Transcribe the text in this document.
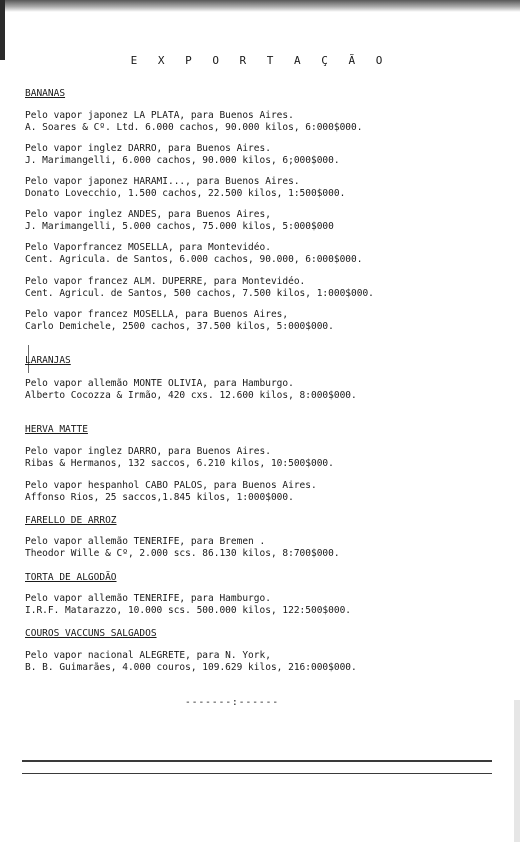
E X P O R T A Ç Ã O
BANANAS
Pelo vapor japonez LA PLATA, para Buenos Aires.
A. Soares & Cº. Ltd. 6.000 cachos, 90.000 kilos, 6:000$000.
Pelo vapor inglez DARRO, para Buenos Aires.
J. Marimangelli, 6.000 cachos, 90.000 kilos, 6;000$000.
Pelo vapor japonez HARAMI..., para Buenos Aires.
Donato Lovecchio, 1.500 cachos, 22.500 kilos, 1:500$000.
Pelo vapor inglez ANDES, para Buenos Aires,
J. Marimangelli, 5.000 cachos, 75.000 kilos, 5:000$000
Pelo Vaporfrancez MOSELLA, para Montevidéo.
Cent. Agricula. de Santos, 6.000 cachos, 90.000, 6:000$000.
Pelo vapor francez ALM. DUPERRE, para Montevidéo.
Cent. Agricul. de Santos, 500 cachos, 7.500 kilos, 1:000$000.
Pelo vapor francez MOSELLA, para Buenos Aires,
Carlo Demichele, 2500 cachos, 37.500 kilos, 5:000$000.
LARANJAS
Pelo vapor allemão MONTE OLIVIA, para Hamburgo.
Alberto Cocozza & Irmão, 420 cxs. 12.600 kilos, 8:000$000.
HERVA MATTE
Pelo vapor inglez DARRO, para Buenos Aires.
Ribas & Hermanos, 132 saccos, 6.210 kilos, 10:500$000.
Pelo vapor hespanhol CABO PALOS, para Buenos Aires.
Affonso Rios, 25 saccos,1.845 kilos, 1:000$000.
FARELLO DE ARROZ
Pelo vapor allemão TENERIFE, para Bremen .
Theodor Wille & Cº, 2.000 scs. 86.130 kilos, 8:700$000.
TORTA DE ALGODÃO
Pelo vapor allemão TENERIFE, para Hamburgo.
I.R.F. Matarazzo, 10.000 scs. 500.000 kilos, 122:500$000.
COUROS VACCUNS SALGADOS
Pelo vapor nacional ALEGRETE, para N. York,
B. B. Guimarães, 4.000 couros, 109.629 kilos, 216:000$000.
-------:------
